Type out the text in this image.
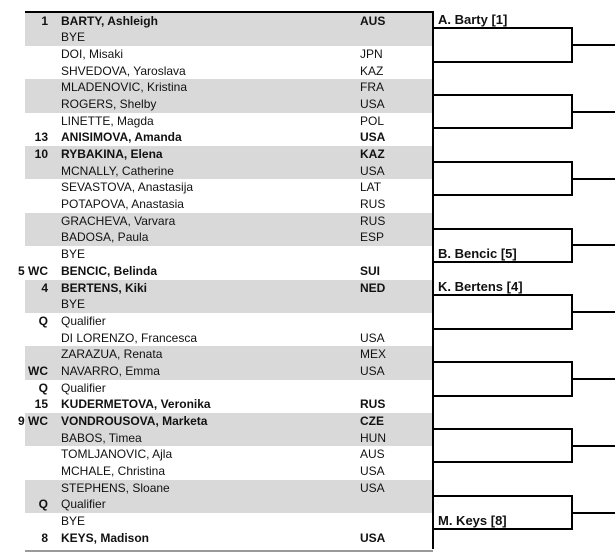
1 BARTY, Ashleigh	AUS
BYE
DOI, Misaki	JPN
SHVEDOVA, Yaroslava	KAZ
MLADENOVIC, Kristina	FRA
ROGERS, Shelby	USA
LINETTE, Magda	POL
13 ANISIMOVA, Amanda	USA
10 RYBAKINA, Elena	KAZ
MCNALLY, Catherine	USA
SEVASTOVA, Anastasija	LAT
POTAPOVA, Anastasia	RUS
GRACHEVA, Varvara	RUS
BADOSA, Paula	ESP
BYE
5 WC BENCIC, Belinda	SUI
4 BERTENS, Kiki	NED
BYE
Q Qualifier
DI LORENZO, Francesca	USA
ZARAZUA, Renata	MEX
WC NAVARRO, Emma	USA
Q Qualifier
15 KUDERMETOVA, Veronika	RUS
9 WC VONDROUSOVA, Marketa	CZE
BABOS, Timea	HUN
TOMLJANOVIC, Ajla	AUS
MCHALE, Christina	USA
STEPHENS, Sloane	USA
Q Qualifier
BYE
8 KEYS, Madison	USA
A. Barty [1]
B. Bencic [5]
K. Bertens [4]
M. Keys [8]
